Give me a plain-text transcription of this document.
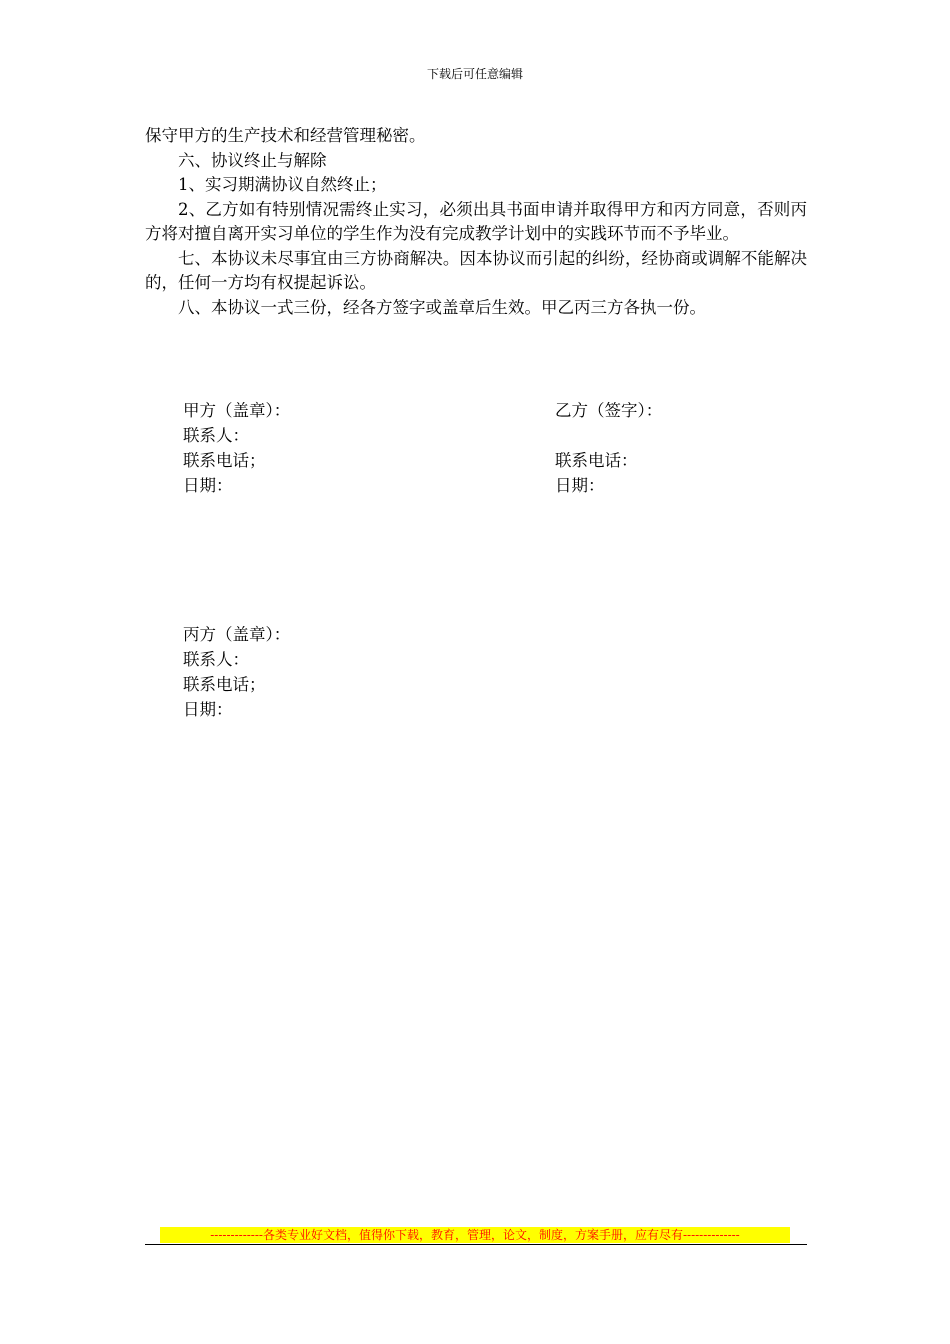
下载后可任意编辑

保守甲方的生产技术和经营管理秘密。

六、协议终止与解除

1、实习期满协议自然终止；

2、乙方如有特别情况需终止实习，必须出具书面申请并取得甲方和丙方同意，否则丙方将对擅自离开实习单位的学生作为没有完成教学计划中的实践环节而不予毕业。

七、本协议未尽事宜由三方协商解决。因本协议而引起的纠纷，经协商或调解不能解决的，任何一方均有权提起诉讼。

八、本协议一式三份，经各方签字或盖章后生效。甲乙丙三方各执一份。

甲方（盖章）：
联系人：
联系电话；
日期：
乙方（签字）：
联系电话：
日期：
丙方（盖章）：
联系人：
联系电话；
日期：
-------------各类专业好文档，值得你下载，教育，管理，论文，制度，方案手册，应有尽有--------------
